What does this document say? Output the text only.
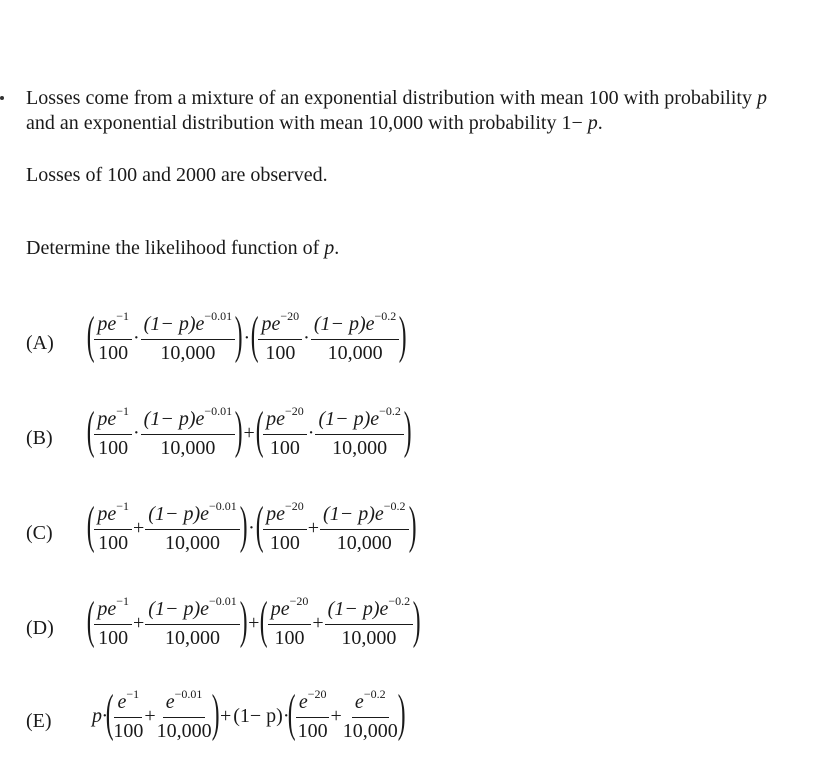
Losses come from a mixture of an exponential distribution with mean 100 with probability p
and an exponential distribution with mean 10,000 with probability 1− p.
Losses of 100 and 2000 are observed.
Determine the likelihood function of p.
(A) ( $\frac{pe^{-1}}{100} \cdot \frac{(1- p)e^{-0.01}}{10,000}$ ) · ( $\frac{pe^{-20}}{100} \cdot \frac{(1- p)e^{-0.2}}{10,000}$ )
(B) ( $\frac{pe^{-1}}{100} \cdot \frac{(1- p)e^{-0.01}}{10,000}$ ) + ( $\frac{pe^{-20}}{100} \cdot \frac{(1- p)e^{-0.2}}{10,000}$ )
(C) ( $\frac{pe^{-1}}{100} + \frac{(1- p)e^{-0.01}}{10,000}$ ) · ( $\frac{pe^{-20}}{100} + \frac{(1- p)e^{-0.2}}{10,000}$ )
(D) ( $\frac{pe^{-1}}{100} + \frac{(1- p)e^{-0.01}}{10,000}$ ) + ( $\frac{pe^{-20}}{100} + \frac{(1- p)e^{-0.2}}{10,000}$ )
(E) p·
( $\frac{e^{-1}}{100} + \frac{e^{-0.01}}{10,000}$ ) + (1− p)·
( $\frac{e^{-20}}{100} + \frac{e^{-0.2}}{10,000}$ )
